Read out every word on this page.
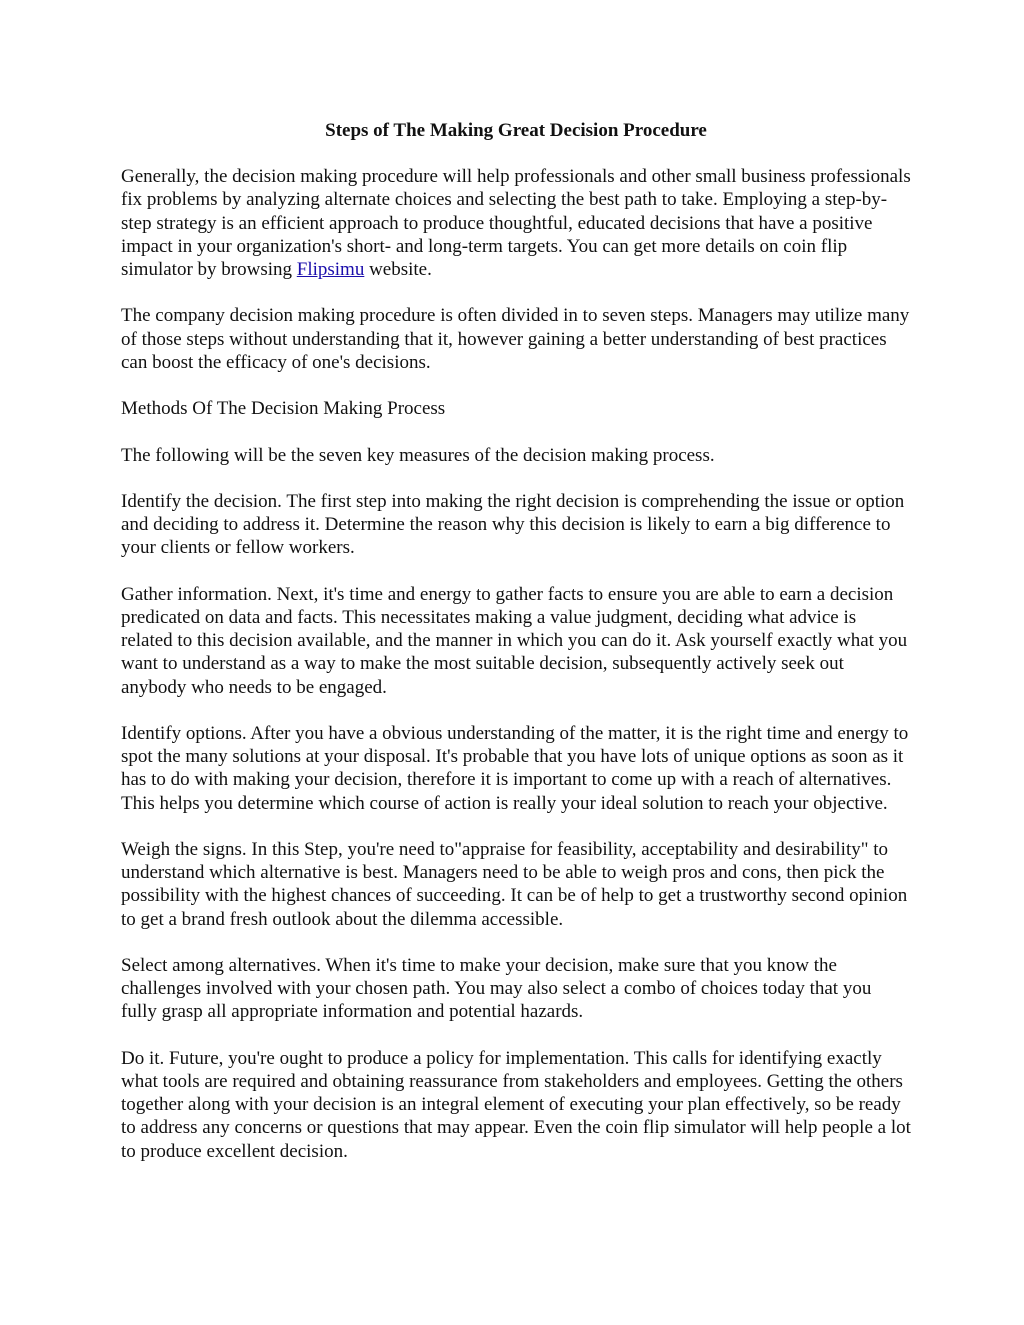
Steps of The Making Great Decision Procedure

Generally, the decision making procedure will help professionals and other small business professionals fix problems by analyzing alternate choices and selecting the best path to take. Employing a step-by-step strategy is an efficient approach to produce thoughtful, educated decisions that have a positive impact in your organization's short- and long-term targets. You can get more details on coin flip simulator by browsing Flipsimu website.

The company decision making procedure is often divided in to seven steps. Managers may utilize many of those steps without understanding that it, however gaining a better understanding of best practices can boost the efficacy of one's decisions.

Methods Of The Decision Making Process

The following will be the seven key measures of the decision making process.

Identify the decision. The first step into making the right decision is comprehending the issue or option and deciding to address it. Determine the reason why this decision is likely to earn a big difference to your clients or fellow workers.

Gather information. Next, it's time and energy to gather facts to ensure you are able to earn a decision predicated on data and facts. This necessitates making a value judgment, deciding what advice is related to this decision available, and the manner in which you can do it. Ask yourself exactly what you want to understand as a way to make the most suitable decision, subsequently actively seek out anybody who needs to be engaged.

Identify options. After you have a obvious understanding of the matter, it is the right time and energy to spot the many solutions at your disposal. It's probable that you have lots of unique options as soon as it has to do with making your decision, therefore it is important to come up with a reach of alternatives. This helps you determine which course of action is really your ideal solution to reach your objective.

Weigh the signs. In this Step, you're need to"appraise for feasibility, acceptability and desirability" to understand which alternative is best. Managers need to be able to weigh pros and cons, then pick the possibility with the highest chances of succeeding. It can be of help to get a trustworthy second opinion to get a brand fresh outlook about the dilemma accessible.

Select among alternatives. When it's time to make your decision, make sure that you know the challenges involved with your chosen path. You may also select a combo of choices today that you fully grasp all appropriate information and potential hazards.

Do it. Future, you're ought to produce a policy for implementation. This calls for identifying exactly what tools are required and obtaining reassurance from stakeholders and employees. Getting the others together along with your decision is an integral element of executing your plan effectively, so be ready to address any concerns or questions that may appear. Even the coin flip simulator will help people a lot to produce excellent decision.
